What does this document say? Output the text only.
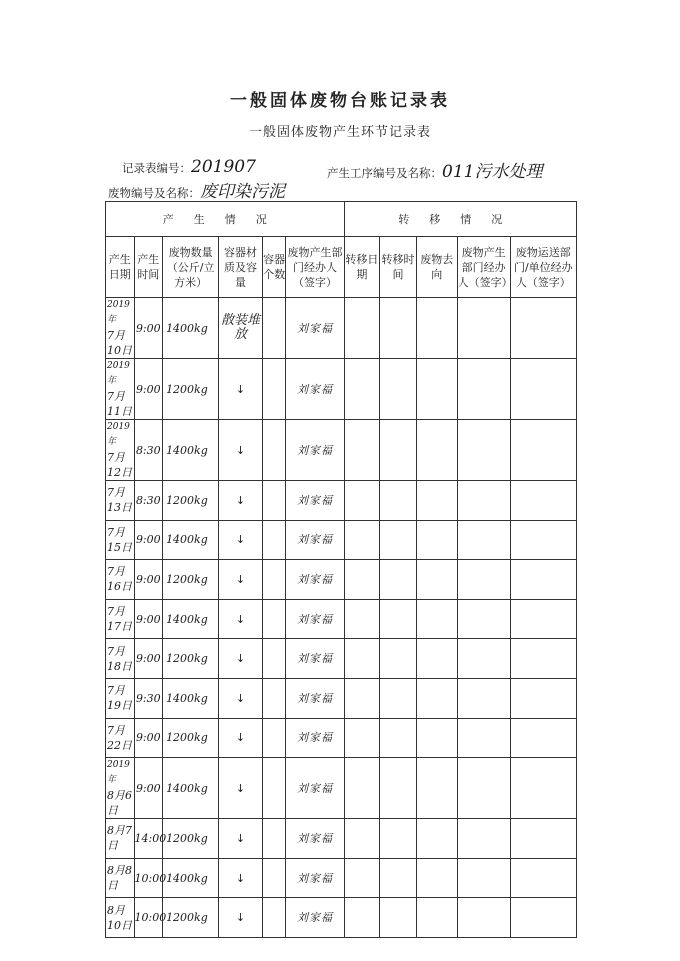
一般固体废物台账记录表
一般固体废物产生环节记录表
记录表编号：201907	产生工序编号及名称：011污水处理
废物编号及名称：废印染污泥
产生情况						转移情况				
产生日期	产生时间	废物数量（公斤/立方米）	容器材质及容量	容器个数	废物产生部门经办人（签字）	转移日期	转移时间	废物去向	废物产生部门经办人（签字）	废物运送部门/单位经办人（签字）

2019年
7月10日	9:00	1400kg	散装堆放		刘家福					

2019年
7月11日	9:00	1200kg	↓		刘家福					

2019年
7月12日	8:30	1400kg	↓		刘家福					

7月13日	8:30	1200kg	↓		刘家福					

7月15日	9:00	1400kg	↓		刘家福					

7月16日	9:00	1200kg	↓		刘家福					

7月17日	9:00	1400kg	↓		刘家福					

7月18日	9:00	1200kg	↓		刘家福					

7月19日	9:30	1400kg	↓		刘家福					

7月22日	9:00	1200kg	↓		刘家福					

2019年
8月6日	9:00	1400kg	↓		刘家福					

8月7日	14:00	1200kg	↓		刘家福					

8月8日	10:00	1400kg	↓		刘家福					

8月10日	10:00	1200kg	↓		刘家福					
